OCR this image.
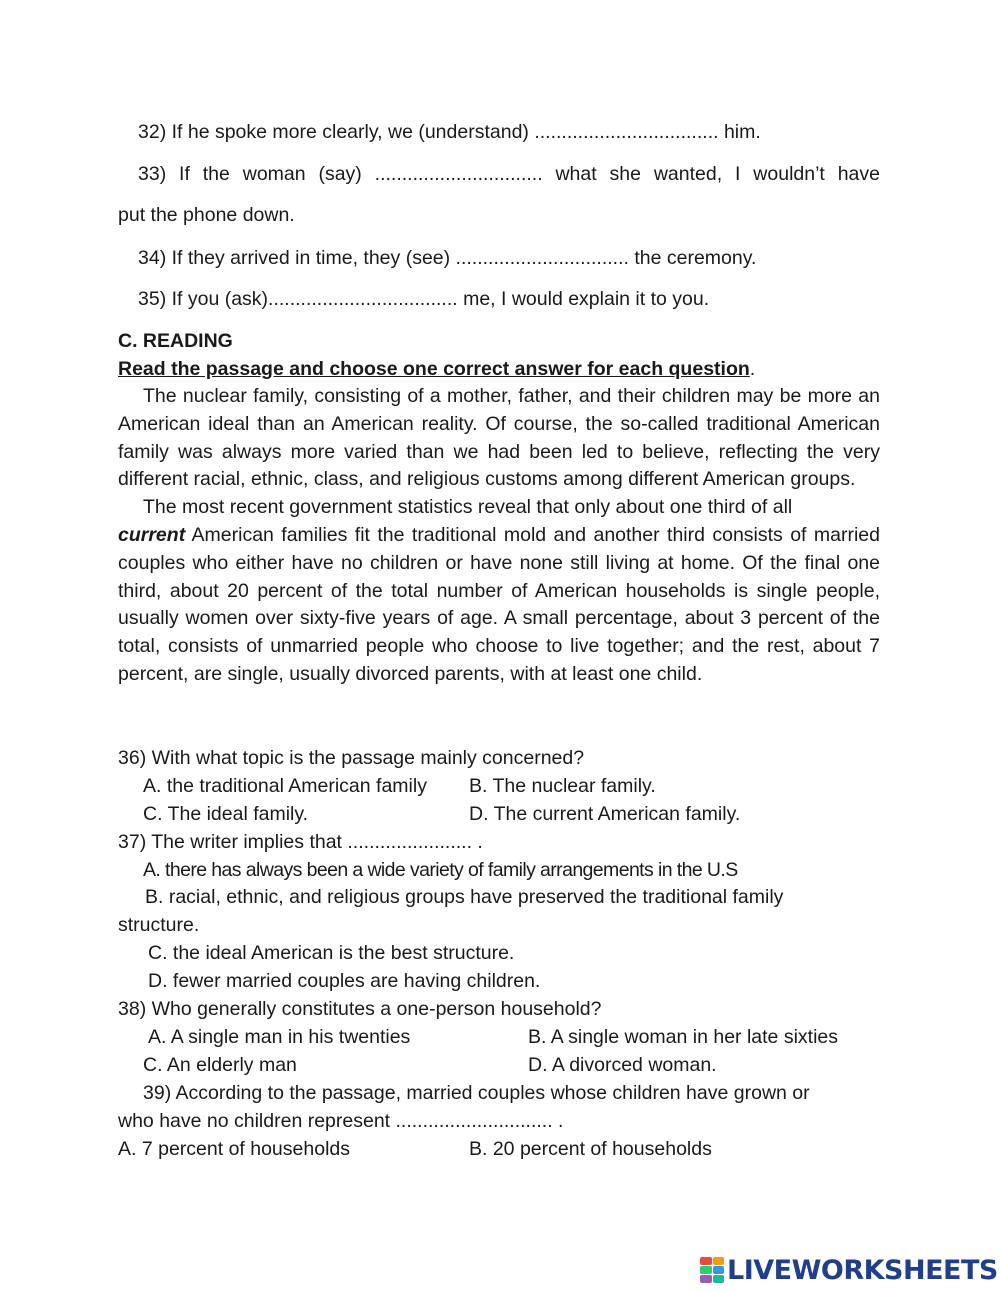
32) If he spoke more clearly, we (understand) .................................. him.
33) If the woman (say) ............................... what she wanted, I wouldn’t have
put the phone down.
34) If they arrived in time, they (see) ................................ the ceremony.
35) If you (ask)................................... me, I would explain it to you.
C. READING
Read the passage and choose one correct answer for each question.

The nuclear family, consisting of a mother, father, and their children may be more an American ideal than an American reality. Of course, the so-called traditional American family was always more varied than we had been led to believe, reflecting the very different racial, ethnic, class, and religious customs among different American groups.

The most recent government statistics reveal that only about one third of all
current American families fit the traditional mold and another third consists of married couples who either have no children or have none still living at home. Of the final one third, about 20 percent of the total number of American households is single people, usually women over sixty-five years of age. A small percentage, about 3 percent of the total, consists of unmarried people who choose to live together; and the rest, about 7 percent, are single, usually divorced parents, with at least one child.

36) With what topic is the passage mainly concerned?
A. the traditional American family B. The nuclear family.
C. The ideal family.	D. The current American family.
37) The writer implies that ....................... .
A. there has always been a wide variety of family arrangements in the U.S
B. racial, ethnic, and religious groups have preserved the traditional family
structure.
C. the ideal American is the best structure.
D. fewer married couples are having children.
38) Who generally constitutes a one-person household?
A. A single man in his twenties	B. A single woman in her late sixties
C. An elderly man	D. A divorced woman.
39) According to the passage, married couples whose children have grown or
who have no children represent ............................. .
A. 7 percent of households	B. 20 percent of households
LIVEWORKSHEETS
